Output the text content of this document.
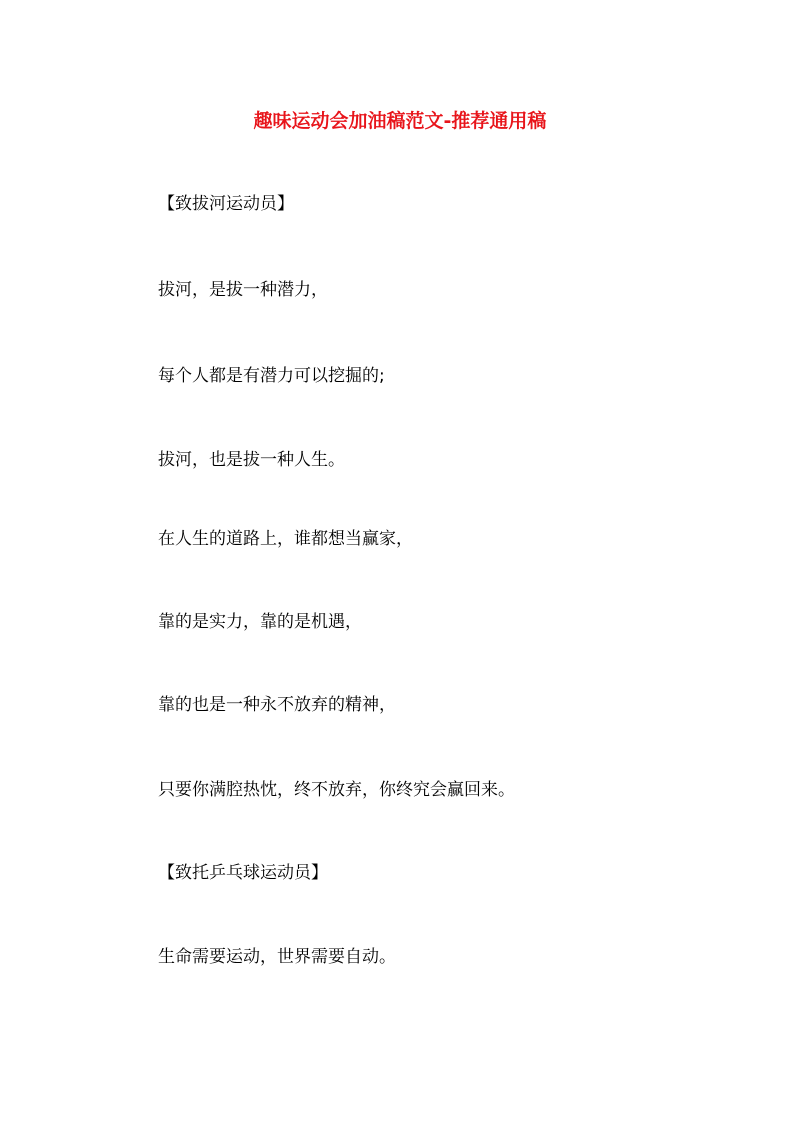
趣味运动会加油稿范文-推荐通用稿
【致拔河运动员】
拔河，是拔一种潜力，
每个人都是有潜力可以挖掘的;
拔河，也是拔一种人生。
在人生的道路上，谁都想当赢家，
靠的是实力，靠的是机遇，
靠的也是一种永不放弃的精神，
只要你满腔热忱，终不放弃，你终究会赢回来。
【致托乒乓球运动员】
生命需要运动，世界需要自动。
